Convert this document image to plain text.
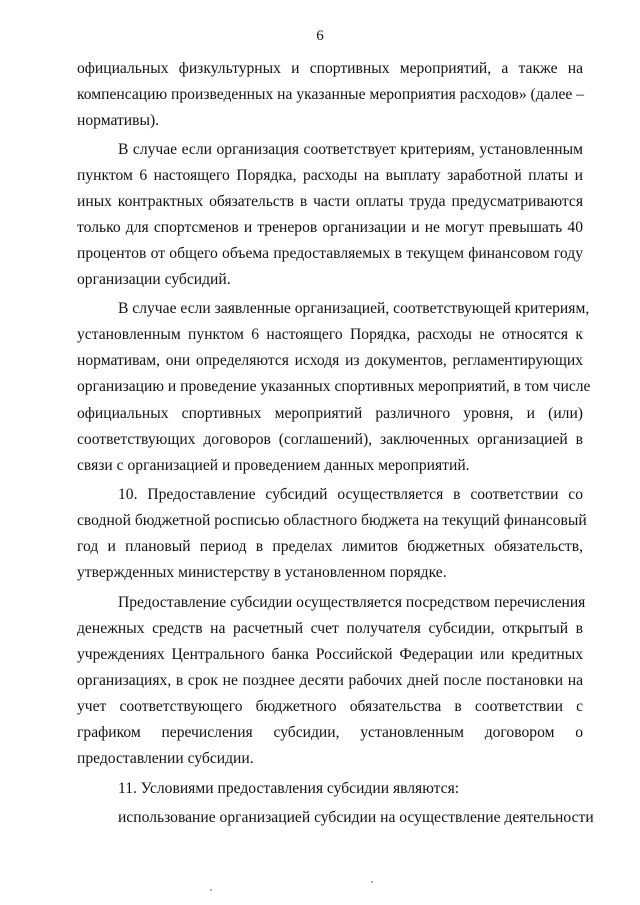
6
официальных физкультурных и спортивных мероприятий, а также на
компенсацию произведенных на указанные мероприятия расходов» (далее –
нормативы).
В случае если организация соответствует критериям, установленным
пунктом 6 настоящего Порядка, расходы на выплату заработной платы и
иных контрактных обязательств в части оплаты труда предусматриваются
только для спортсменов и тренеров организации и не могут превышать 40
процентов от общего объема предоставляемых в текущем финансовом году
организации субсидий.
В случае если заявленные организацией, соответствующей критериям,
установленным пунктом 6 настоящего Порядка, расходы не относятся к
нормативам, они определяются исходя из документов, регламентирующих
организацию и проведение указанных спортивных мероприятий, в том числе
официальных спортивных мероприятий различного уровня, и (или)
соответствующих договоров (соглашений), заключенных организацией в
связи с организацией и проведением данных мероприятий.
10. Предоставление субсидий осуществляется в соответствии со
сводной бюджетной росписью областного бюджета на текущий финансовый
год и плановый период в пределах лимитов бюджетных обязательств,
утвержденных министерству в установленном порядке.
Предоставление субсидии осуществляется посредством перечисления
денежных средств на расчетный счет получателя субсидии, открытый в
учреждениях Центрального банка Российской Федерации или кредитных
организациях, в срок не позднее десяти рабочих дней после постановки на
учет соответствующего бюджетного обязательства в соответствии с
графиком перечисления субсидии, установленным договором о
предоставлении субсидии.
11. Условиями предоставления субсидии являются:
использование организацией субсидии на осуществление деятельности
